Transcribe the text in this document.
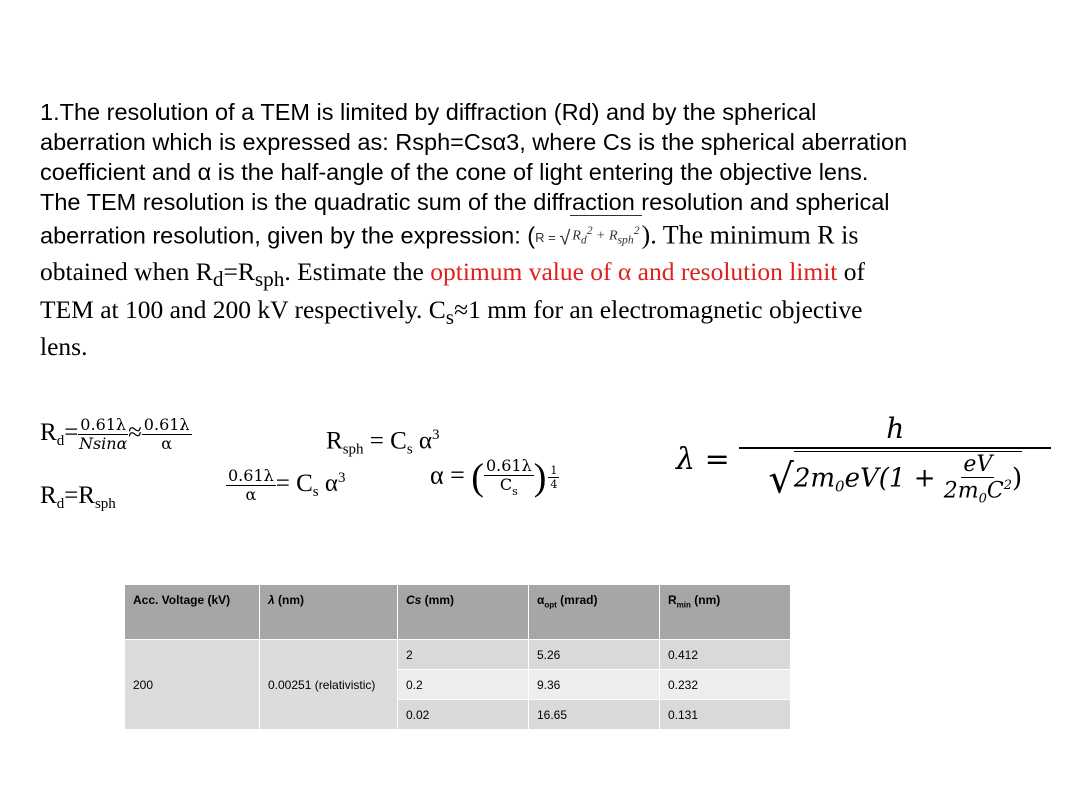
1.The resolution of a TEM is limited by diffraction (Rd) and by the spherical
aberration which is expressed as: Rsph=Csα3, where Cs is the spherical aberration
coefficient and α is the half-angle of the cone of light entering the objective lens.
The TEM resolution is the quadratic sum of the diffraction resolution and spherical
aberration resolution, given by the expression: (R = √ $R_d^2 + R_{sph}^2$). The minimum R is
obtained when $R_d=R_{sph}$. Estimate the optimum value of α and resolution limit of
TEM at 100 and 200 kV respectively. $C_s\approx 1$ mm for an electromagnetic objective
lens.
$R_d= \frac{0.61\lambda}{Nsin\alpha} \approx \frac{0.61\lambda}{\alpha}$	$R_{sph} = C_s$ $\alpha^3$
$R_d=R_{sph}$
$\frac{0.61\lambda}{\alpha} = C_s$ $\alpha^3$	α = ( $\frac{0.61\lambda}{C_s}$ ) $\frac{1}{4}$
$\lambda = \frac{h}{√2m_0eV(1 + \frac{eV}{2m_0C^2} )}$
Acc. Voltage (kV)	λ (nm)	Cs (mm)	$\alpha_{opt}$ (mrad)	$R_{min}$ (nm)
200	0.00251 (relativistic)	2	5.26	0.412
		0.2	9.36	0.232
		0.02	16.65	0.131
